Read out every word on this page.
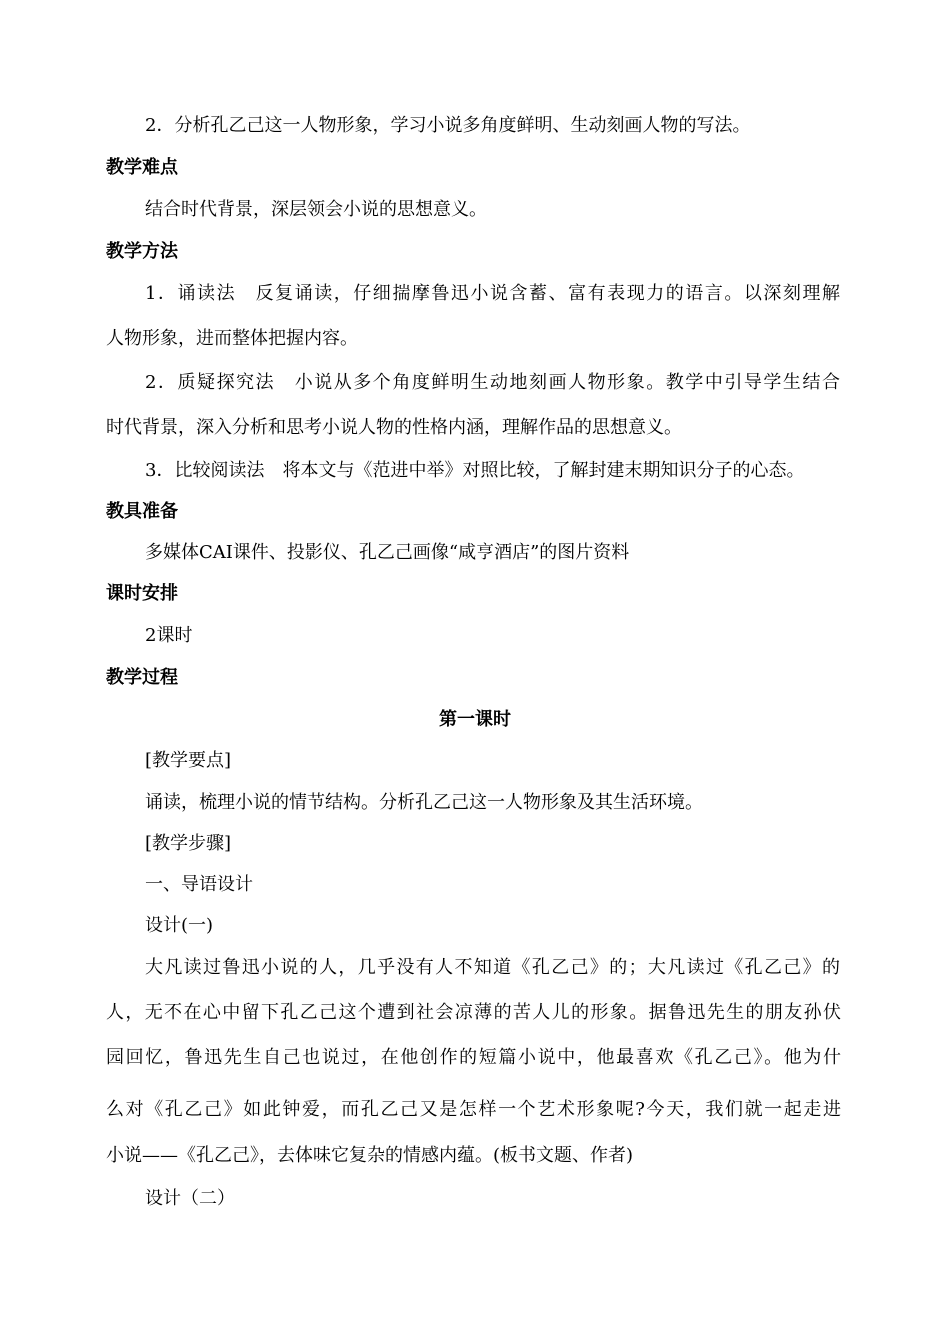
2．分析孔乙己这一人物形象，学习小说多角度鲜明、生动刻画人物的写法。
教学难点
结合时代背景，深层领会小说的思想意义。
教学方法
1．诵读法　反复诵读，仔细揣摩鲁迅小说含蓄、富有表现力的语言。以深刻理解
人物形象，进而整体把握内容。
2．质疑探究法　小说从多个角度鲜明生动地刻画人物形象。教学中引导学生结合
时代背景，深入分析和思考小说人物的性格内涵，理解作品的思想意义。
3．比较阅读法　将本文与《范进中举》对照比较，了解封建末期知识分子的心态。
教具准备
多媒体CAI课件、投影仪、孔乙己画像“咸亨酒店”的图片资料
课时安排
2课时
教学过程
第一课时
[教学要点]
诵读，梳理小说的情节结构。分析孔乙己这一人物形象及其生活环境。
[教学步骤]
一、导语设计
设计(一)
大凡读过鲁迅小说的人，几乎没有人不知道《孔乙己》的；大凡读过《孔乙己》的
人，无不在心中留下孔乙己这个遭到社会凉薄的苦人儿的形象。据鲁迅先生的朋友孙伏
园回忆，鲁迅先生自己也说过，在他创作的短篇小说中，他最喜欢《孔乙己》。他为什
么对《孔乙己》如此钟爱，而孔乙己又是怎样一个艺术形象呢?今天，我们就一起走进
小说——《孔乙己》，去体味它复杂的情感内蕴。(板书文题、作者)
设计（二）
